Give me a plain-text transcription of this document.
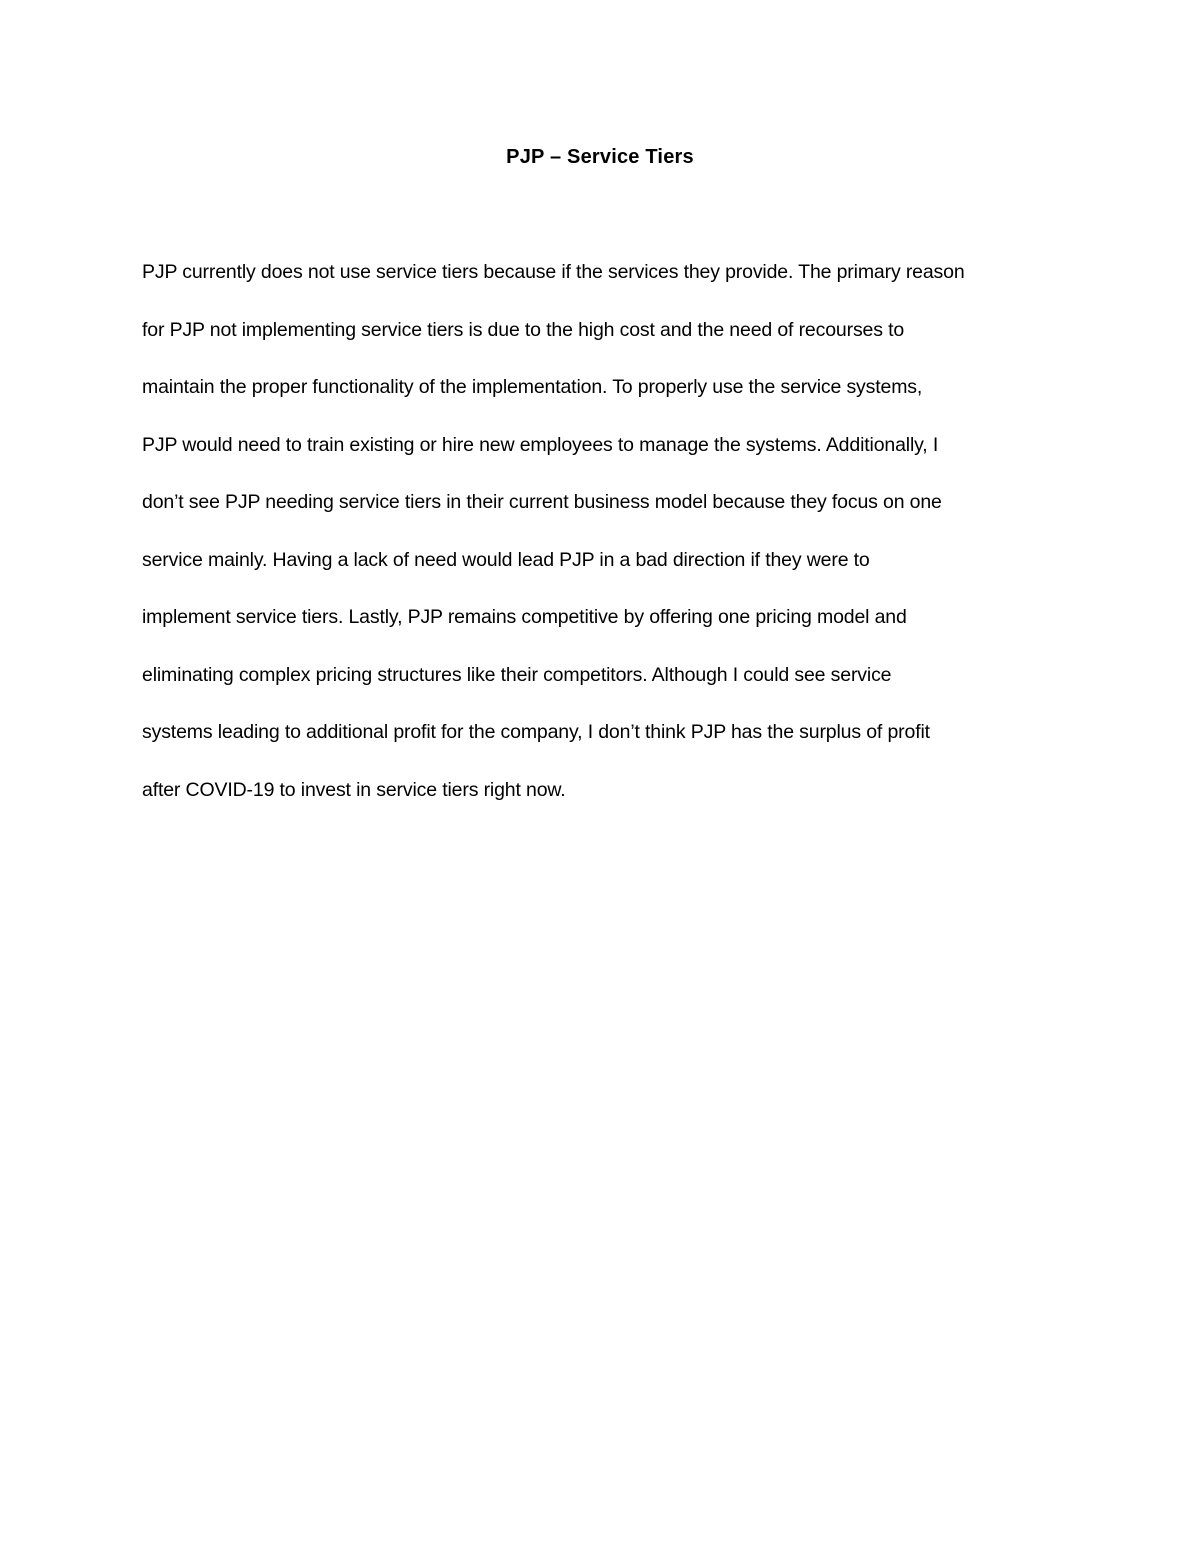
PJP – Service Tiers
PJP currently does not use service tiers because if the services they provide. The primary reason
for PJP not implementing service tiers is due to the high cost and the need of recourses to
maintain the proper functionality of the implementation. To properly use the service systems,
PJP would need to train existing or hire new employees to manage the systems. Additionally, I
don’t see PJP needing service tiers in their current business model because they focus on one
service mainly. Having a lack of need would lead PJP in a bad direction if they were to
implement service tiers. Lastly, PJP remains competitive by offering one pricing model and
eliminating complex pricing structures like their competitors. Although I could see service
systems leading to additional profit for the company, I don’t think PJP has the surplus of profit
after COVID-19 to invest in service tiers right now.
